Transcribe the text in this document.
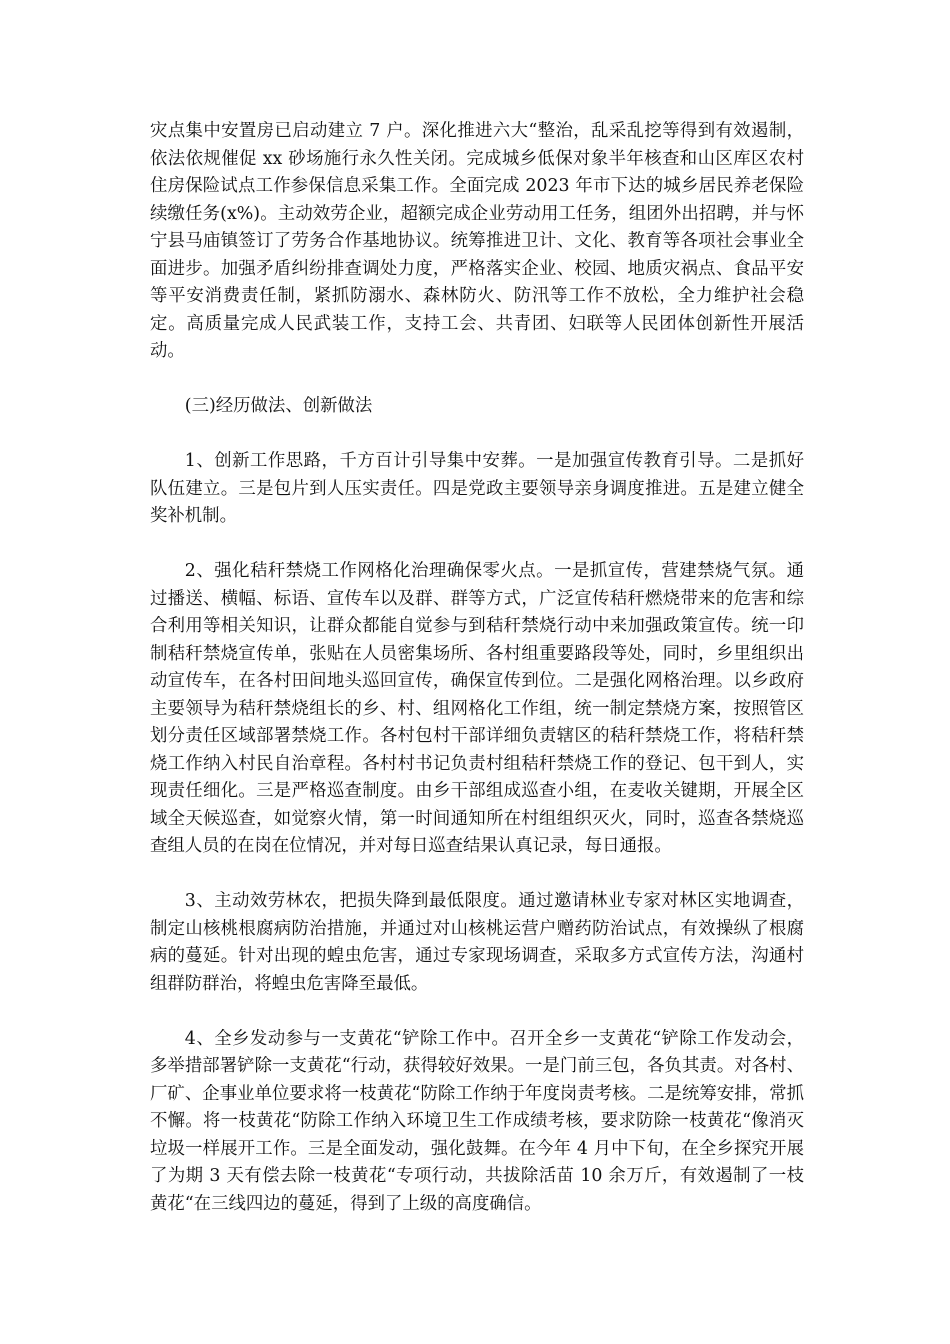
灾点集中安置房已启动建立 7 户。深化推进六大“整治，乱采乱挖等得到有效遏制，依法依规催促 xx 砂场施行永久性关闭。完成城乡低保对象半年核查和山区库区农村住房保险试点工作参保信息采集工作。全面完成 2023 年市下达的城乡居民养老保险续缴任务(x%)。主动效劳企业，超额完成企业劳动用工任务，组团外出招聘，并与怀宁县马庙镇签订了劳务合作基地协议。统筹推进卫计、文化、教育等各项社会事业全面进步。加强矛盾纠纷排查调处力度，严格落实企业、校园、地质灾祸点、食品平安等平安消费责任制，紧抓防溺水、森林防火、防汛等工作不放松，全力维护社会稳定。高质量完成人民武装工作，支持工会、共青团、妇联等人民团体创新性开展活动。

(三)经历做法、创新做法

1、创新工作思路，千方百计引导集中安葬。一是加强宣传教育引导。二是抓好队伍建立。三是包片到人压实责任。四是党政主要领导亲身调度推进。五是建立健全奖补机制。

2、强化秸秆禁烧工作网格化治理确保零火点。一是抓宣传，营建禁烧气氛。通过播送、横幅、标语、宣传车以及群、群等方式，广泛宣传秸秆燃烧带来的危害和综合利用等相关知识，让群众都能自觉参与到秸秆禁烧行动中来加强政策宣传。统一印制秸秆禁烧宣传单，张贴在人员密集场所、各村组重要路段等处，同时，乡里组织出动宣传车，在各村田间地头巡回宣传，确保宣传到位。二是强化网格治理。以乡政府主要领导为秸秆禁烧组长的乡、村、组网格化工作组，统一制定禁烧方案，按照管区划分责任区域部署禁烧工作。各村包村干部详细负责辖区的秸秆禁烧工作，将秸秆禁烧工作纳入村民自治章程。各村村书记负责村组秸秆禁烧工作的登记、包干到人，实现责任细化。三是严格巡查制度。由乡干部组成巡查小组，在麦收关键期，开展全区域全天候巡查，如觉察火情，第一时间通知所在村组组织灭火，同时，巡查各禁烧巡查组人员的在岗在位情况，并对每日巡查结果认真记录，每日通报。

3、主动效劳林农，把损失降到最低限度。通过邀请林业专家对林区实地调查，制定山核桃根腐病防治措施，并通过对山核桃运营户赠药防治试点，有效操纵了根腐病的蔓延。针对出现的蝗虫危害，通过专家现场调查，采取多方式宣传方法，沟通村组群防群治，将蝗虫危害降至最低。

4、全乡发动参与一支黄花“铲除工作中。召开全乡一支黄花“铲除工作发动会，多举措部署铲除一支黄花“行动，获得较好效果。一是门前三包，各负其责。对各村、厂矿、企事业单位要求将一枝黄花“防除工作纳于年度岗责考核。二是统筹安排，常抓不懈。将一枝黄花“防除工作纳入环境卫生工作成绩考核，要求防除一枝黄花“像消灭垃圾一样展开工作。三是全面发动，强化鼓舞。在今年 4 月中下旬，在全乡探究开展了为期 3 天有偿去除一枝黄花“专项行动，共拔除活苗 10 余万斤，有效遏制了一枝黄花“在三线四边的蔓延，得到了上级的高度确信。
